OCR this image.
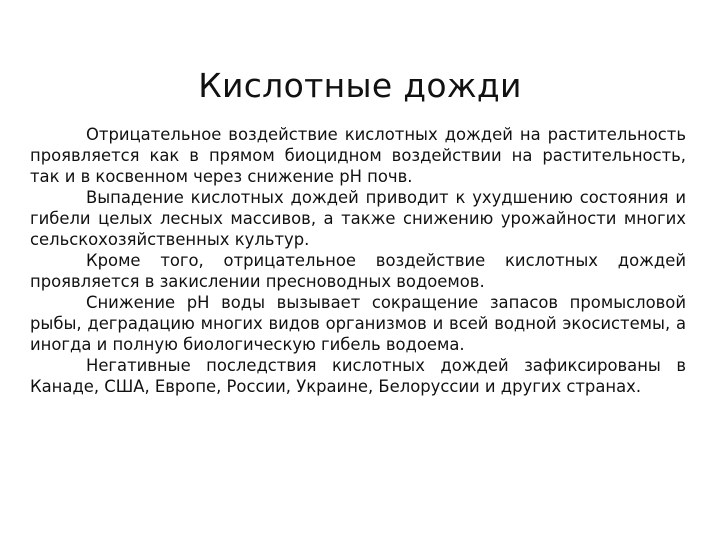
Кислотные дожди

Отрицательное воздействие кислотных дождей на растительность проявляется как в прямом биоцидном воздействии на растительность, так и в косвенном через снижение pH почв.

Выпадение кислотных дождей приводит к ухудшению состояния и гибели целых лесных массивов, а также снижению урожайности многих сельскохозяйственных культур.

Кроме того, отрицательное воздействие кислотных дождей проявляется в закислении пресноводных водоемов.

Снижение pH воды вызывает сокращение запасов промысловой рыбы, деградацию многих видов организмов и всей водной экосистемы, а иногда и полную биологическую гибель водоема.

Негативные последствия кислотных дождей зафиксированы в Канаде, США, Европе, России, Украине, Белоруссии и других странах.
